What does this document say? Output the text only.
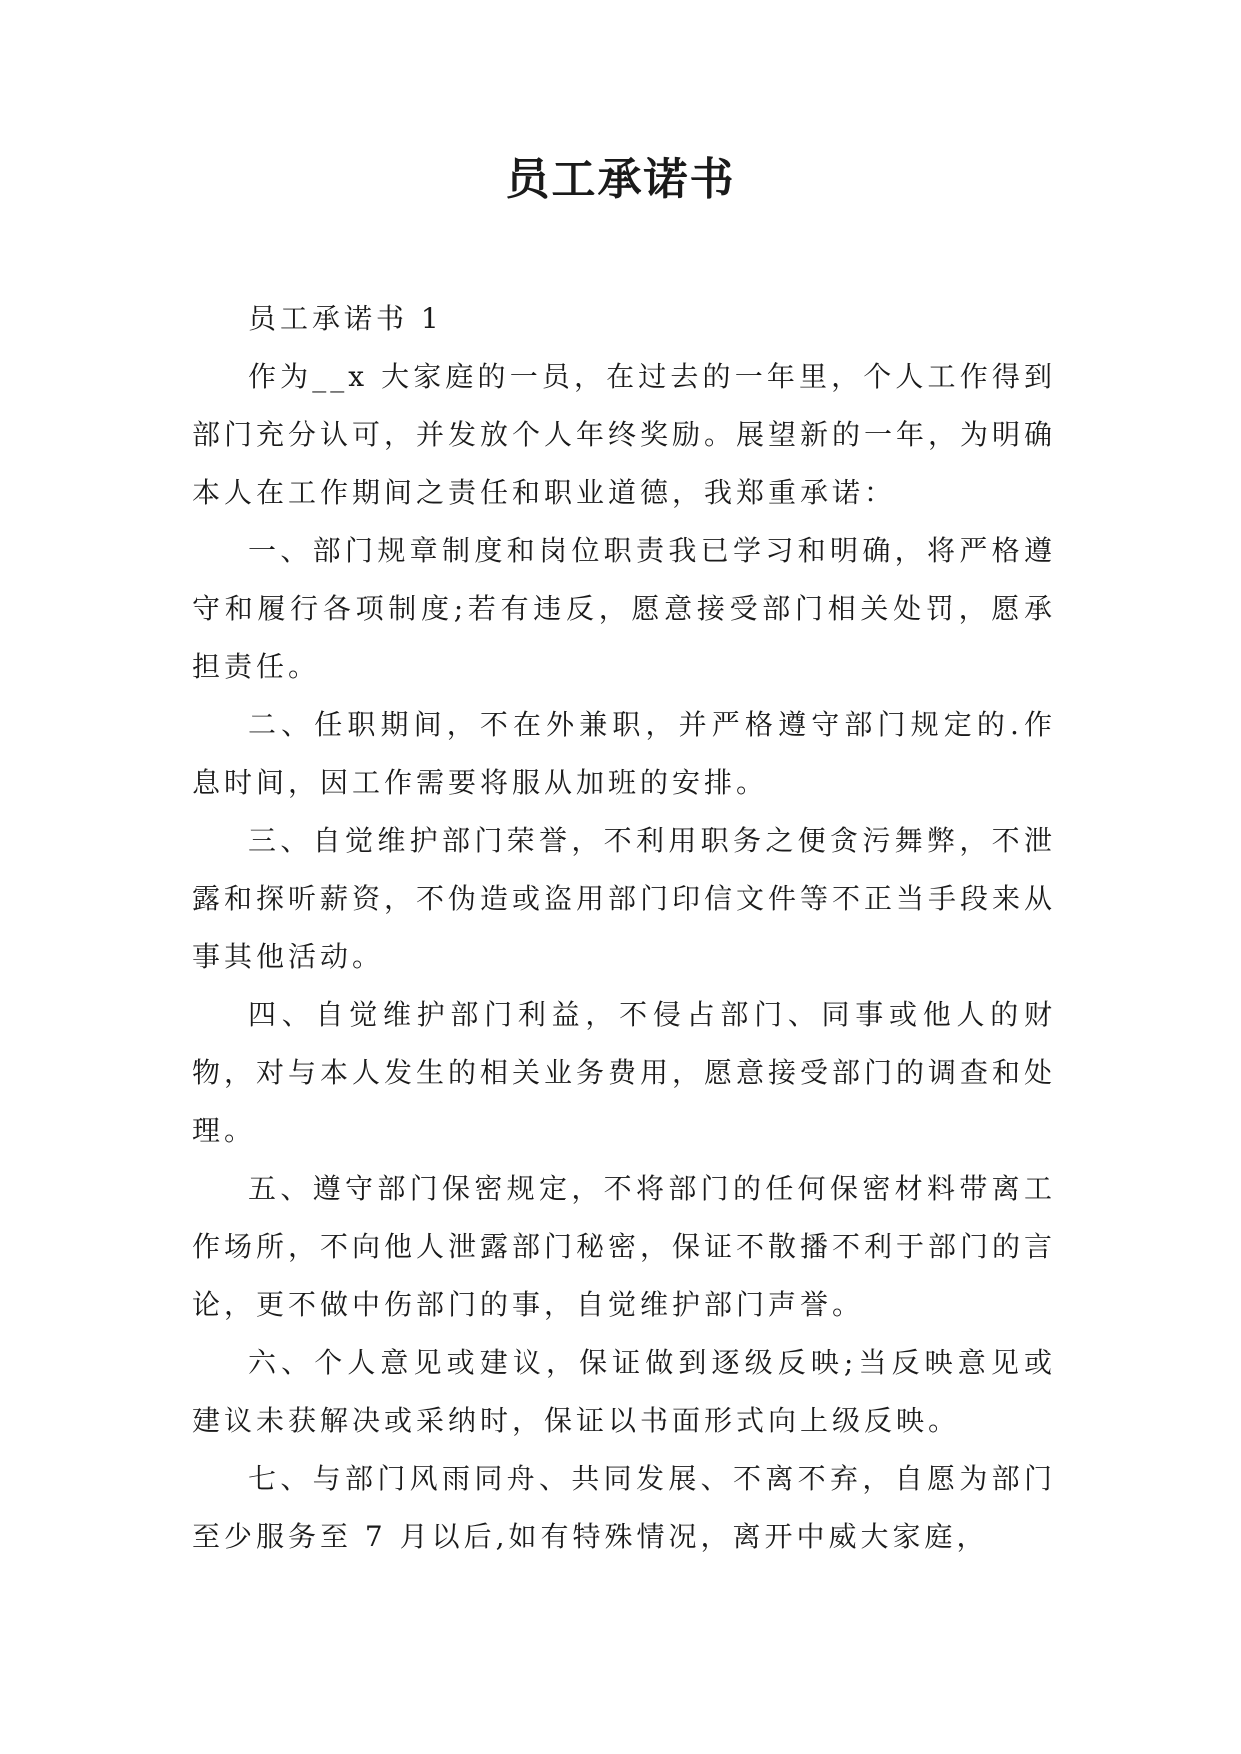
员工承诺书

员工承诺书 1

作为__x 大家庭的一员，在过去的一年里，个人工作得到部门充分认可，并发放个人年终奖励。展望新的一年，为明确本人在工作期间之责任和职业道德，我郑重承诺：

一、部门规章制度和岗位职责我已学习和明确，将严格遵守和履行各项制度;若有违反，愿意接受部门相关处罚，愿承担责任。

二、任职期间，不在外兼职，并严格遵守部门规定的.作息时间，因工作需要将服从加班的安排。

三、自觉维护部门荣誉，不利用职务之便贪污舞弊，不泄露和探听薪资，不伪造或盗用部门印信文件等不正当手段来从事其他活动。

四、自觉维护部门利益，不侵占部门、同事或他人的财物，对与本人发生的相关业务费用，愿意接受部门的调查和处理。

五、遵守部门保密规定，不将部门的任何保密材料带离工作场所，不向他人泄露部门秘密，保证不散播不利于部门的言论，更不做中伤部门的事，自觉维护部门声誉。

六、个人意见或建议，保证做到逐级反映;当反映意见或建议未获解决或采纳时，保证以书面形式向上级反映。

七、与部门风雨同舟、共同发展、不离不弃，自愿为部门至少服务至 7 月以后,如有特殊情况，离开中威大家庭，
